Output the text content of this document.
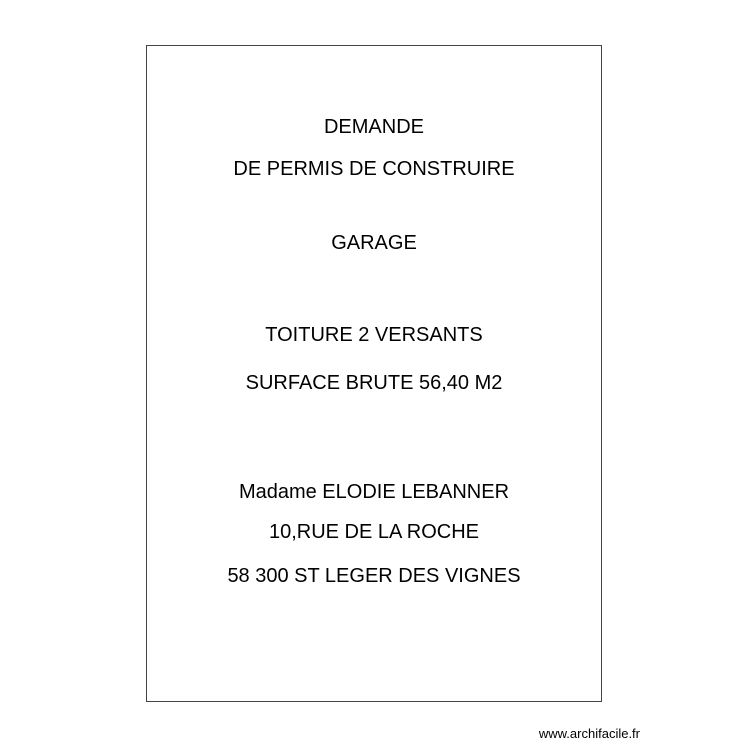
DEMANDE
DE PERMIS DE CONSTRUIRE
GARAGE
TOITURE 2 VERSANTS
SURFACE BRUTE 56,40 M2
Madame ELODIE LEBANNER
10,RUE DE LA ROCHE
58 300 ST LEGER DES VIGNES
www.archifacile.fr
